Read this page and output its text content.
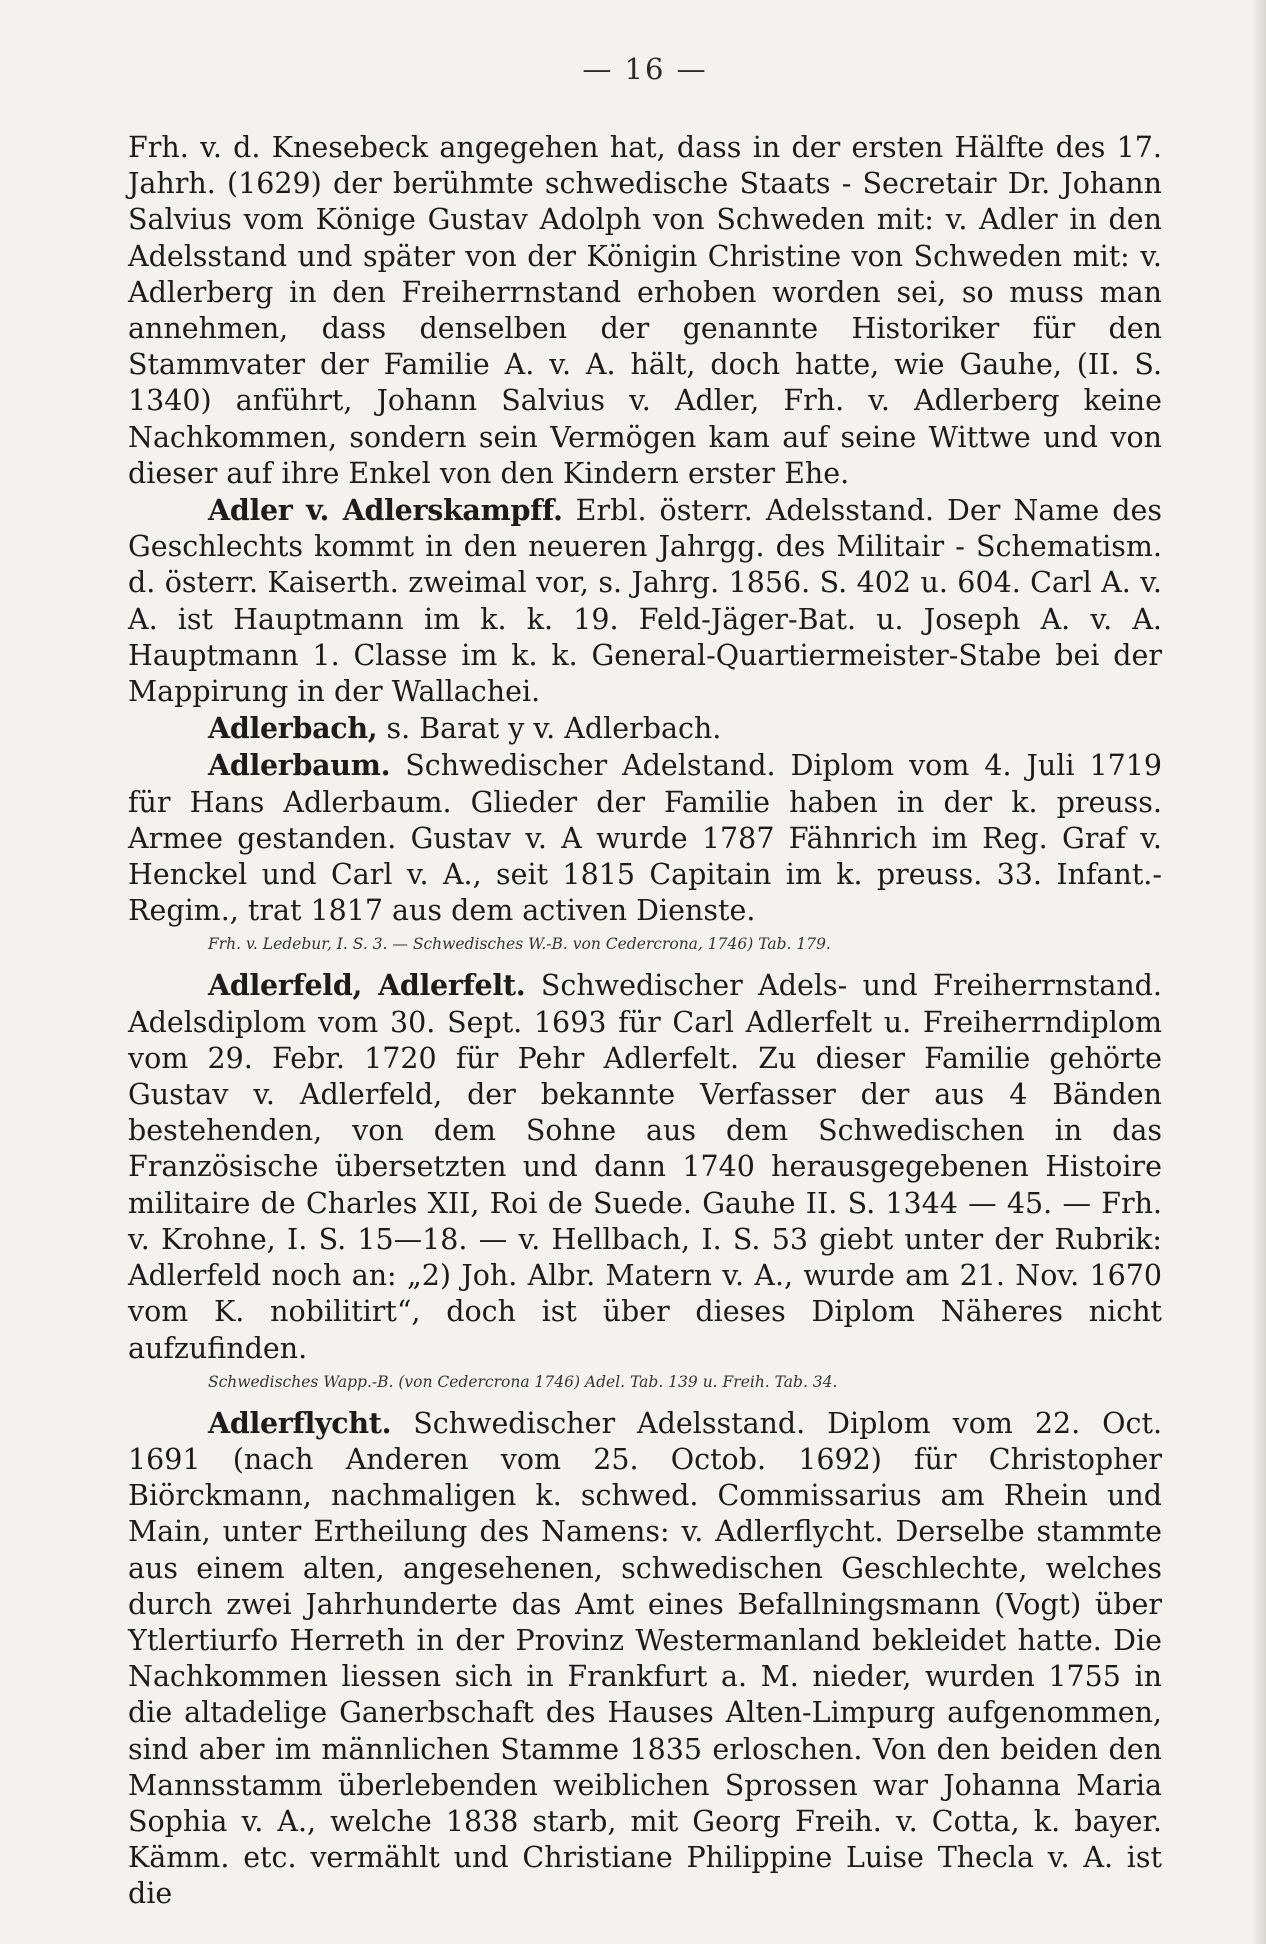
— 16 —

Frh. v. d. Knesebeck angegehen hat, dass in der ersten Hälfte des 17. Jahrh. (1629) der berühmte schwedische Staats - Secretair Dr. Johann Salvius vom Könige Gustav Adolph von Schweden mit: v. Adler in den Adelsstand und später von der Königin Christine von Schweden mit: v. Adlerberg in den Freiherrnstand erhoben worden sei, so muss man annehmen, dass denselben der genannte Historiker für den Stammvater der Familie A. v. A. hält, doch hatte, wie Gauhe, (II. S. 1340) anführt, Johann Salvius v. Adler, Frh. v. Adlerberg keine Nachkommen, sondern sein Vermögen kam auf seine Wittwe und von dieser auf ihre Enkel von den Kindern erster Ehe.

Adler v. Adlerskampff. Erbl. österr. Adelsstand. Der Name des Geschlechts kommt in den neueren Jahrgg. des Militair - Schematism. d. österr. Kaiserth. zweimal vor, s. Jahrg. 1856. S. 402 u. 604. Carl A. v. A. ist Hauptmann im k. k. 19. Feld-Jäger-Bat. u. Joseph A. v. A. Hauptmann 1. Classe im k. k. General-Quartiermeister-Stabe bei der Mappirung in der Wallachei.

Adlerbach, s. Barat y v. Adlerbach.

Adlerbaum. Schwedischer Adelstand. Diplom vom 4. Juli 1719 für Hans Adlerbaum. Glieder der Familie haben in der k. preuss. Armee gestanden. Gustav v. A wurde 1787 Fähnrich im Reg. Graf v. Henckel und Carl v. A., seit 1815 Capitain im k. preuss. 33. Infant.-Regim., trat 1817 aus dem activen Dienste.

Frh. v. Ledebur, I. S. 3. — Schwedisches W.-B. von Cedercrona, 1746) Tab. 179.

Adlerfeld, Adlerfelt. Schwedischer Adels- und Freiherrnstand. Adelsdiplom vom 30. Sept. 1693 für Carl Adlerfelt u. Freiherrndiplom vom 29. Febr. 1720 für Pehr Adlerfelt. Zu dieser Familie gehörte Gustav v. Adlerfeld, der bekannte Verfasser der aus 4 Bänden bestehenden, von dem Sohne aus dem Schwedischen in das Französische übersetzten und dann 1740 herausgegebenen Histoire militaire de Charles XII, Roi de Suede. Gauhe II. S. 1344 — 45. — Frh. v. Krohne, I. S. 15—18. — v. Hellbach, I. S. 53 giebt unter der Rubrik: Adlerfeld noch an: „2) Joh. Albr. Matern v. A., wurde am 21. Nov. 1670 vom K. nobilitirt“, doch ist über dieses Diplom Näheres nicht aufzufinden.

Schwedisches Wapp.-B. (von Cedercrona 1746) Adel. Tab. 139 u. Freih. Tab. 34.

Adlerflycht. Schwedischer Adelsstand. Diplom vom 22. Oct. 1691 (nach Anderen vom 25. Octob. 1692) für Christopher Biörckmann, nachmaligen k. schwed. Commissarius am Rhein und Main, unter Ertheilung des Namens: v. Adlerflycht. Derselbe stammte aus einem alten, angesehenen, schwedischen Geschlechte, welches durch zwei Jahrhunderte das Amt eines Befallningsmann (Vogt) über Ytlertiurfo Herreth in der Provinz Westermanland bekleidet hatte. Die Nachkommen liessen sich in Frankfurt a. M. nieder, wurden 1755 in die altadelige Ganerbschaft des Hauses Alten-Limpurg aufgenommen, sind aber im männlichen Stamme 1835 erloschen. Von den beiden den Mannsstamm überlebenden weiblichen Sprossen war Johanna Maria Sophia v. A., welche 1838 starb, mit Georg Freih. v. Cotta, k. bayer. Kämm. etc. vermählt und Christiane Philippine Luise Thecla v. A. ist die
